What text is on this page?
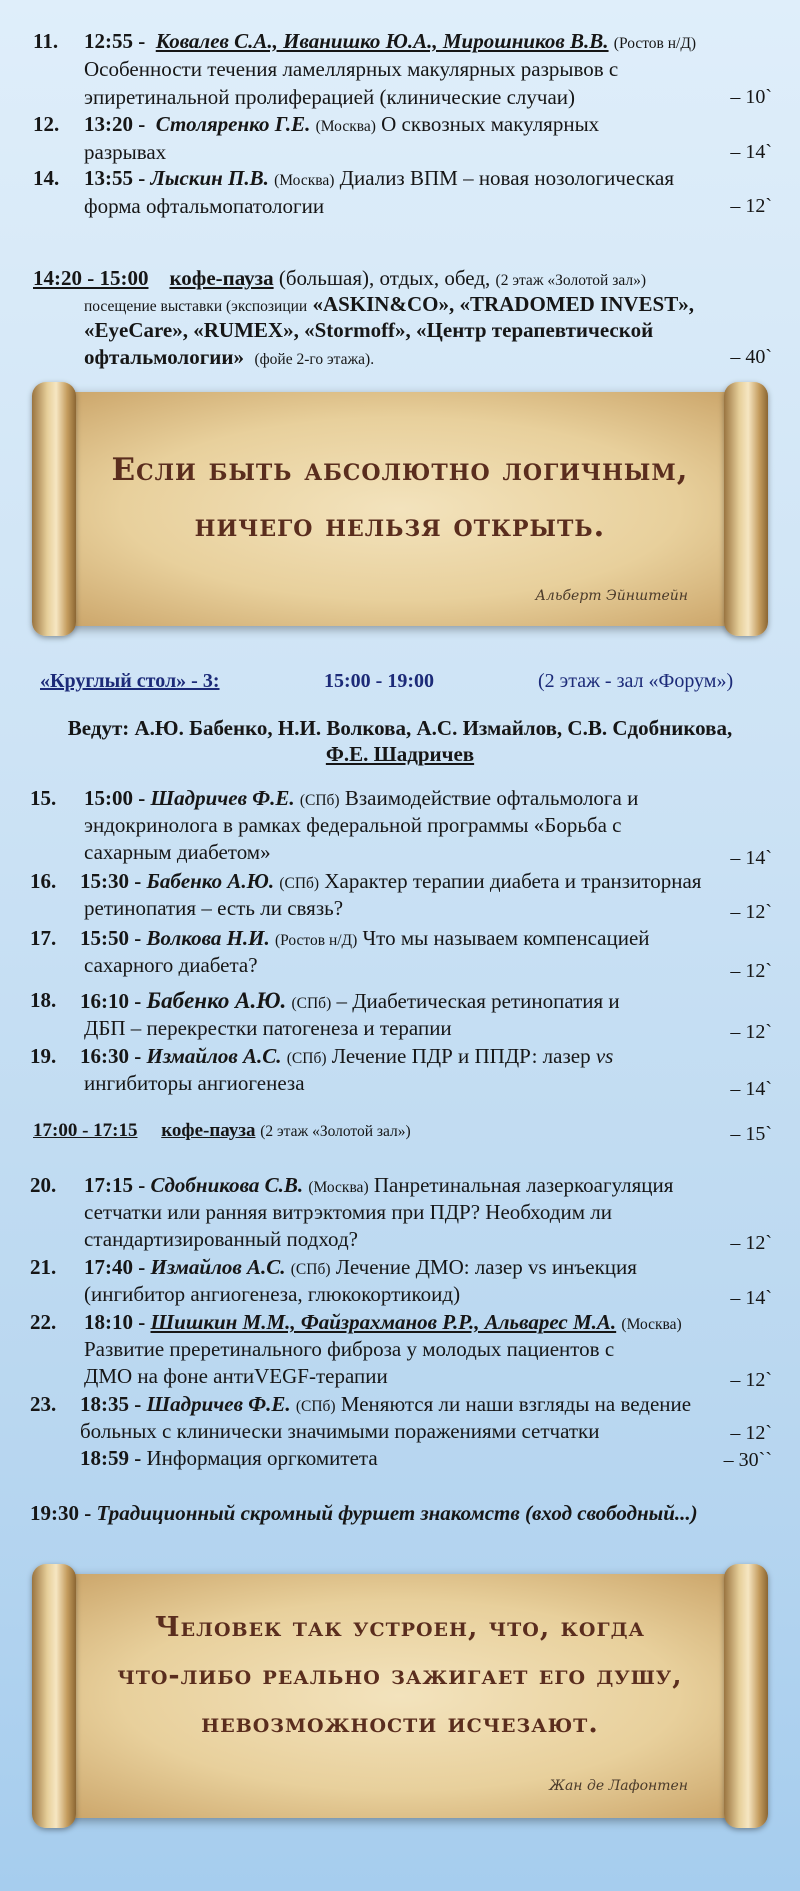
11. 12:55 - Ковалев С.А., Иванишко Ю.А., Мирошников В.В. (Ростов н/Д)
Особенности течения ламеллярных макулярных разрывов с
эпиретинальной пролиферацией (клинические случаи)	– 10`
12. 13:20 - Столяренко Г.Е. (Москва) О сквозных макулярных
разрывах	– 14`
14. 13:55 - Лыскин П.В. (Москва) Диализ ВПМ – новая нозологическая
форма офтальмопатологии	– 12`
14:20 - 15:00 кофе-пауза (большая), отдых, обед, (2 этаж «Золотой зал»)
посещение выставки (экспозиции «ASKIN&CO», «TRADOMED INVEST»,
«EyeCare», «RUMEX», «Stormoff», «Центр терапевтической
офтальмологии» (фойе 2-го этажа).	– 40`
Если быть абсолютно логичным,
ничего нельзя открыть.
Альберт Эйнштейн
«Круглый стол» - 3:	15:00 - 19:00	(2 этаж - зал «Форум»)
Ведут: А.Ю. Бабенко, Н.И. Волкова, А.С. Измайлов, С.В. Сдобникова,
Ф.Е. Шадричев
15. 15:00 - Шадричев Ф.Е. (СПб) Взаимодействие офтальмолога и
эндокринолога в рамках федеральной программы «Борьба с
сахарным диабетом»	– 14`
16. 15:30 - Бабенко А.Ю. (СПб) Характер терапии диабета и транзиторная
ретинопатия – есть ли связь?	– 12`
17. 15:50 - Волкова Н.И. (Ростов н/Д) Что мы называем компенсацией
сахарного диабета?	– 12`
18. 16:10 - Бабенко А.Ю. (СПб) – Диабетическая ретинопатия и
ДБП – перекрестки патогенеза и терапии	– 12`
19. 16:30 - Измайлов А.С. (СПб) Лечение ПДР и ППДР: лазер vs
ингибиторы ангиогенеза	– 14`
17:00 - 17:15 кофе-пауза (2 этаж «Золотой зал»)	– 15`
20. 17:15 - Сдобникова С.В. (Москва) Панретинальная лазеркоагуляция
сетчатки или ранняя витрэктомия при ПДР? Необходим ли
стандартизированный подход?	– 12`
21. 17:40 - Измайлов А.С. (СПб) Лечение ДМО: лазер vs инъекция
(ингибитор ангиогенеза, глюкокортикоид)	– 14`
22. 18:10 - Шишкин М.М., Файзрахманов Р.Р., Альварес М.А. (Москва)
Развитие преретинального фиброза у молодых пациентов с
ДМО на фоне антиVEGF-терапии	– 12`
23. 18:35 - Шадричев Ф.Е. (СПб) Меняются ли наши взгляды на ведение
больных с клинически значимыми поражениями сетчатки	– 12`
18:59 - Информация оргкомитета	– 30``
19:30 - Традиционный скромный фуршет знакомств (вход свободный...)
Человек так устроен, что, когда
что-либо реально зажигает его душу,
невозможности исчезают.
Жан де Лафонтен
